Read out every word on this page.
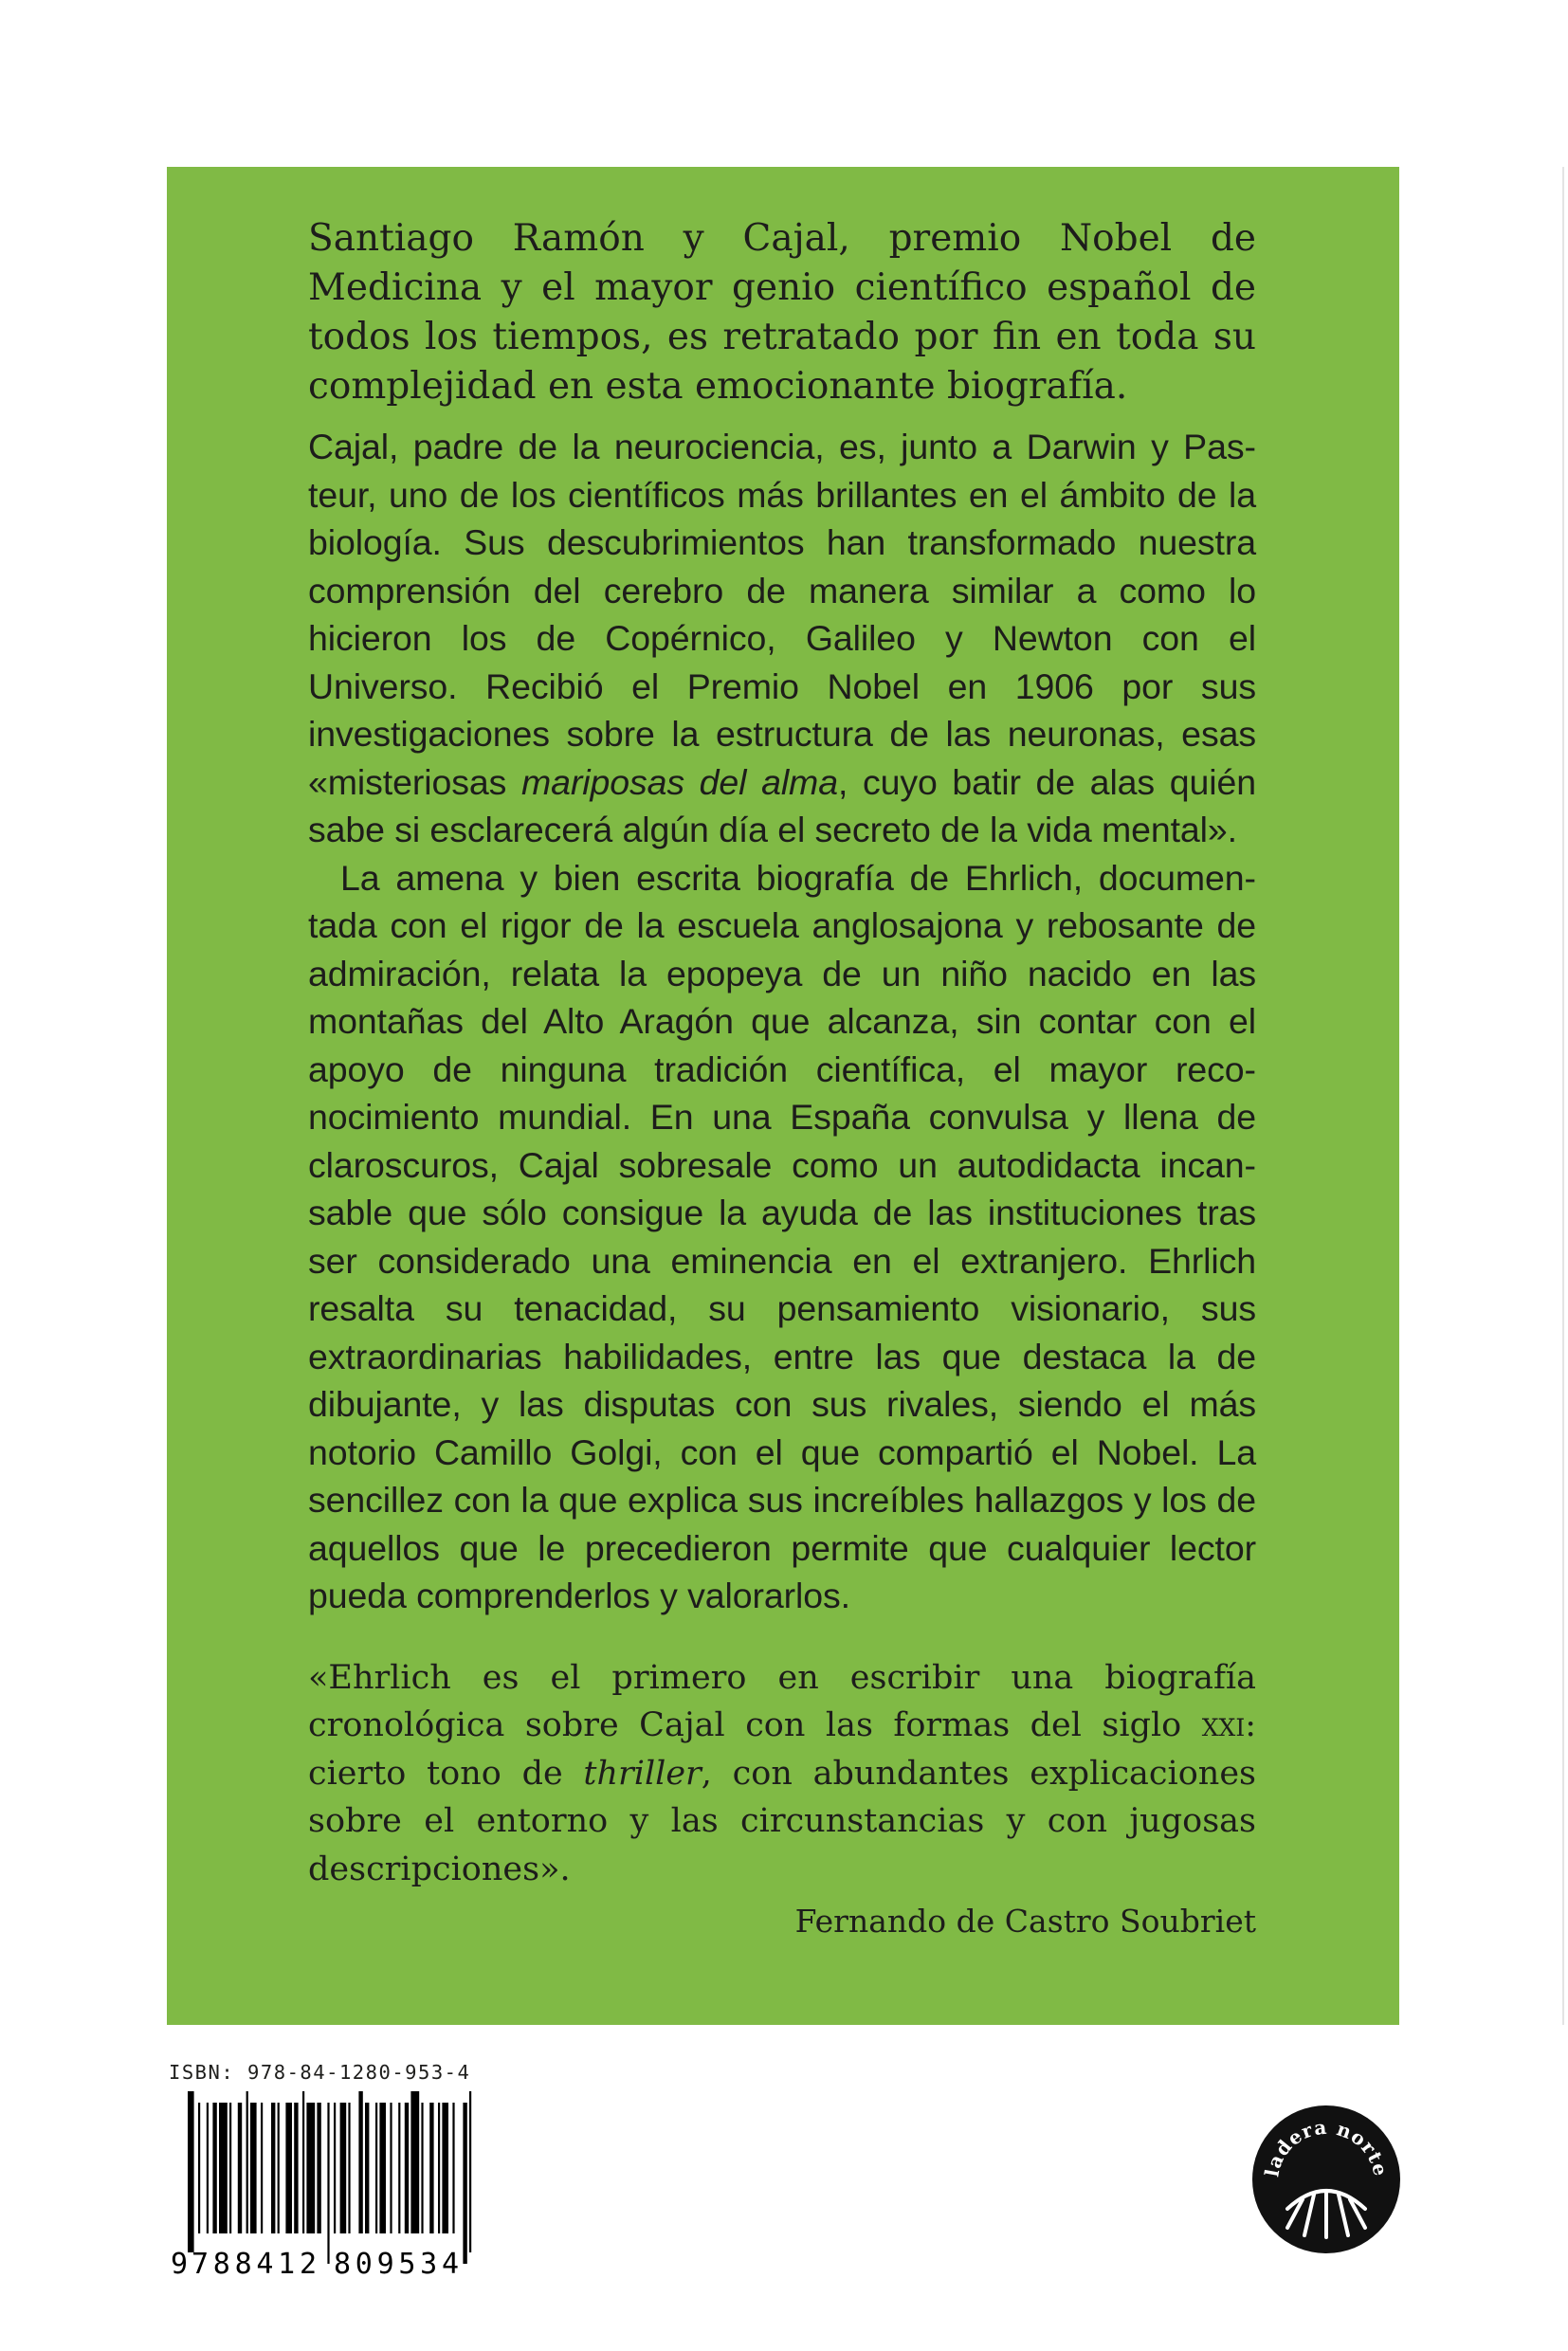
Santiago Ramón y Cajal, premio Nobel de Medicina y el mayor genio científico español de todos los tiempos, es retratado por fin en toda su complejidad en esta emocionante biografía.

Cajal, padre de la neurociencia, es, junto a Darwin y Pasteur, uno de los científicos más brillantes en el ámbito de la biología. Sus descubrimientos han transformado nuestra comprensión del cerebro de manera similar a como lo hicieron los de Copérnico, Galileo y Newton con el Universo. Recibió el Premio Nobel en 1906 por sus investigaciones sobre la estructura de las neuronas, esas «misteriosas mariposas del alma, cuyo batir de alas quién sabe si esclarecerá algún día el secreto de la vida mental».

La amena y bien escrita biografía de Ehrlich, documentada con el rigor de la escuela anglosajona y rebosante de admiración, relata la epopeya de un niño nacido en las montañas del Alto Aragón que alcanza, sin contar con el apoyo de ninguna tradición científica, el mayor reconocimiento mundial. En una España convulsa y llena de claroscuros, Cajal sobresale como un autodidacta incansable que sólo consigue la ayuda de las instituciones tras ser considerado una eminencia en el extranjero. Ehrlich resalta su tenacidad, su pensamiento visionario, sus extraordinarias habilidades, entre las que destaca la de dibujante, y las disputas con sus rivales, siendo el más notorio Camillo Golgi, con el que compartió el Nobel. La sencillez con la que explica sus increíbles hallazgos y los de aquellos que le precedieron permite que cualquier lector pueda comprenderlos y valorarlos.

«Ehrlich es el primero en escribir una biografía cronológica sobre Cajal con las formas del siglo xxi: cierto tono de thriller, con abundantes explicaciones sobre el entorno y las circunstancias y con jugosas descripciones».

Fernando de Castro Soubriet

ISBN: 978-84-1280-953-4
9 788412 809534
ladera norte
